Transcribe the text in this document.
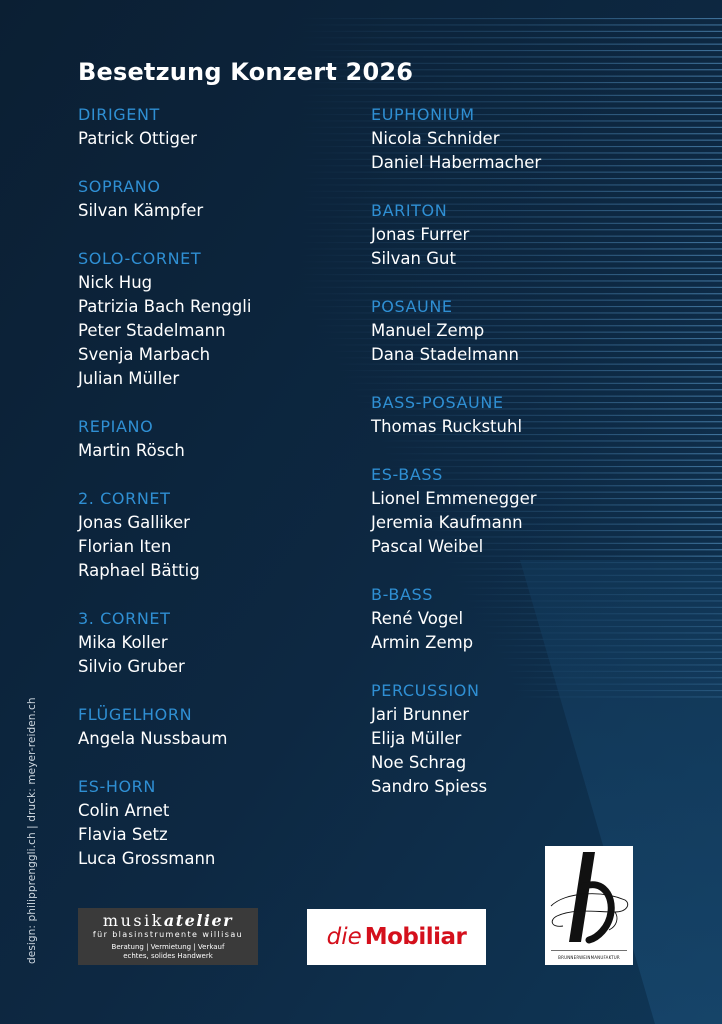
Besetzung Konzert 2026
DIRIGENT
Patrick Ottiger
SOPRANO
Silvan Kämpfer
SOLO-CORNET
Nick Hug
Patrizia Bach Renggli
Peter Stadelmann
Svenja Marbach
Julian Müller
REPIANO
Martin Rösch
2. CORNET
Jonas Galliker
Florian Iten
Raphael Bättig
3. CORNET
Mika Koller
Silvio Gruber
FLÜGELHORN
Angela Nussbaum
ES-HORN
Colin Arnet
Flavia Setz
Luca Grossmann
EUPHONIUM
Nicola Schnider
Daniel Habermacher
BARITON
Jonas Furrer
Silvan Gut
POSAUNE
Manuel Zemp
Dana Stadelmann
BASS-POSAUNE
Thomas Ruckstuhl
ES-BASS
Lionel Emmenegger
Jeremia Kaufmann
Pascal Weibel
B-BASS
René Vogel
Armin Zemp
PERCUSSION
Jari Brunner
Elija Müller
Noe Schrag
Sandro Spiess
design: philipprenggli.ch | druck: meyer-reiden.ch	musikatelier
für blasinstrumente willisau
Beratung | Vermietung | Verkauf
echtes, solides Handwerk
die Mobiliar
BRUNNERWEINMANUFAKTUR
